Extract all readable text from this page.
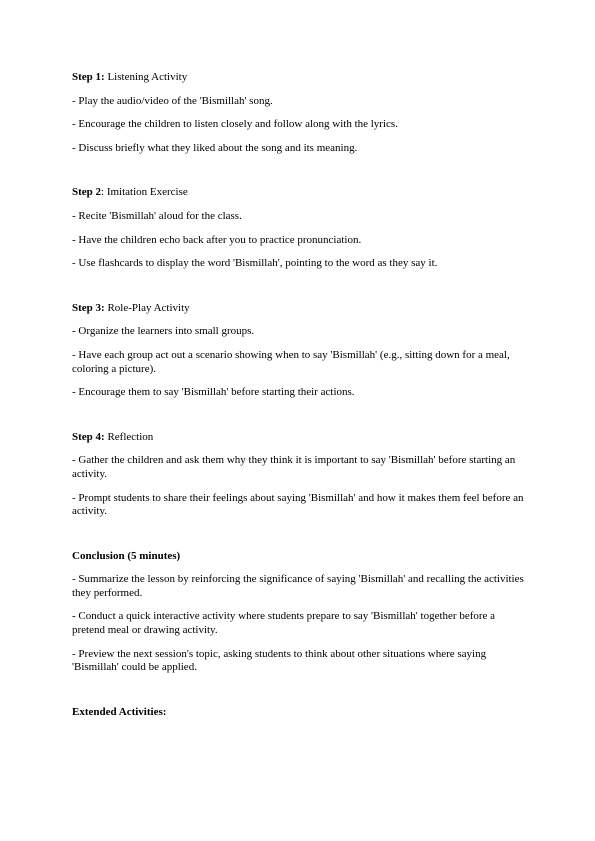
Step 1: Listening Activity
- Play the audio/video of the 'Bismillah' song.
- Encourage the children to listen closely and follow along with the lyrics.
- Discuss briefly what they liked about the song and its meaning.
Step 2: Imitation Exercise
- Recite 'Bismillah' aloud for the class.
- Have the children echo back after you to practice pronunciation.
- Use flashcards to display the word 'Bismillah', pointing to the word as they say it.
Step 3: Role-Play Activity
- Organize the learners into small groups.
- Have each group act out a scenario showing when to say 'Bismillah' (e.g., sitting down for a meal, coloring a picture).
- Encourage them to say 'Bismillah' before starting their actions.
Step 4: Reflection
- Gather the children and ask them why they think it is important to say 'Bismillah' before starting an activity.
- Prompt students to share their feelings about saying 'Bismillah' and how it makes them feel before an activity.
Conclusion (5 minutes)
- Summarize the lesson by reinforcing the significance of saying 'Bismillah' and recalling the activities they performed.
- Conduct a quick interactive activity where students prepare to say 'Bismillah' together before a pretend meal or drawing activity.
- Preview the next session's topic, asking students to think about other situations where saying 'Bismillah' could be applied.
Extended Activities:
